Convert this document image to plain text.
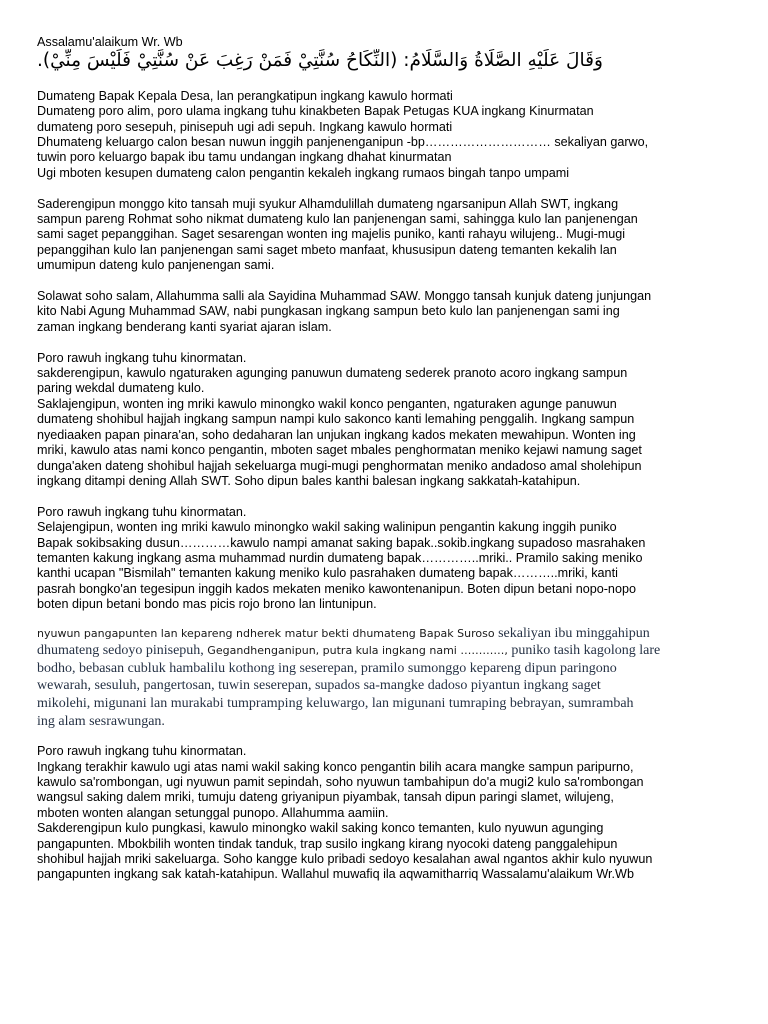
Assalamu'alaikum Wr. Wb
وَقَالَ عَلَيْهِ الصَّلَاةُ وَالسَّلَامُ: (النِّكَاحُ سُنَّتِيْ فَمَنْ رَغِبَ عَنْ سُنَّتِيْ فَلَيْسَ مِنِّيْ).
Dumateng Bapak Kepala Desa, lan perangkatipun ingkang kawulo hormati
Dumateng poro alim, poro ulama ingkang tuhu kinakbeten Bapak Petugas KUA ingkang Kinurmatan
dumateng poro sesepuh, pinisepuh ugi adi sepuh. Ingkang kawulo hormati
Dhumateng keluargo calon besan nuwun inggih panjenenganipun -bp………………………… sekaliyan garwo,
tuwin poro keluargo bapak ibu tamu undangan ingkang dhahat kinurmatan
Ugi mboten kesupen dumateng calon pengantin kekaleh ingkang rumaos bingah tanpo umpami
Saderengipun monggo kito tansah muji syukur Alhamdulillah dumateng ngarsanipun Allah SWT, ingkang
sampun pareng Rohmat soho nikmat dumateng kulo lan panjenengan sami, sahingga kulo lan panjenengan
sami saget pepanggihan. Saget sesarengan wonten ing majelis puniko, kanti rahayu wilujeng.. Mugi-mugi
pepanggihan kulo lan panjenengan sami saget mbeto manfaat, khususipun dateng temanten kekalih lan
umumipun dateng kulo panjenengan sami.
Solawat soho salam, Allahumma salli ala Sayidina Muhammad SAW. Monggo tansah kunjuk dateng junjungan
kito Nabi Agung Muhammad SAW, nabi pungkasan ingkang sampun beto kulo lan panjenengan sami ing
zaman ingkang benderang kanti syariat ajaran islam.
Poro rawuh ingkang tuhu kinormatan.
sakderengipun, kawulo ngaturaken agunging panuwun dumateng sederek pranoto acoro ingkang sampun
paring wekdal dumateng kulo.
Saklajengipun, wonten ing mriki kawulo minongko wakil konco penganten, ngaturaken agunge panuwun
dumateng shohibul hajjah ingkang sampun nampi kulo sakonco kanti lemahing penggalih. Ingkang sampun
nyediaaken papan pinara'an, soho dedaharan lan unjukan ingkang kados mekaten mewahipun. Wonten ing
mriki, kawulo atas nami konco pengantin, mboten saget mbales penghormatan meniko kejawi namung saget
dunga'aken dateng shohibul hajjah sekeluarga mugi-mugi penghormatan meniko andadoso amal sholehipun
ingkang ditampi dening Allah SWT. Soho dipun bales kanthi balesan ingkang sakkatah-katahipun.
Poro rawuh ingkang tuhu kinormatan.
Selajengipun, wonten ing mriki kawulo minongko wakil saking walinipun pengantin kakung inggih puniko
Bapak sokibsaking dusun…………kawulo nampi amanat saking bapak..sokib.ingkang supadoso masrahaken
temanten kakung ingkang asma muhammad nurdin dumateng bapak…………..mriki.. Pramilo saking meniko
kanthi ucapan "Bismilah" temanten kakung meniko kulo pasrahaken dumateng bapak………..mriki, kanti
pasrah bongko'an tegesipun inggih kados mekaten meniko kawontenanipun. Boten dipun betani nopo-nopo
boten dipun betani bondo mas picis rojo brono lan lintunipun.
nyuwun pangapunten lan kepareng ndherek matur bekti dhumateng Bapak Suroso sekaliyan ibu minggahipun
dhumateng sedoyo pinisepuh, Gegandhenganipun, putra kula ingkang nami …………, puniko tasih kagolong lare
bodho, bebasan cubluk hambalilu kothong ing seserepan, pramilo sumonggo kepareng dipun paringono
wewarah, sesuluh, pangertosan, tuwin seserepan, supados sa-mangke dadoso piyantun ingkang saget
mikolehi, migunani lan murakabi tumpramping keluwargo, lan migunani tumraping bebrayan, sumrambah
ing alam sesrawungan.
Poro rawuh ingkang tuhu kinormatan.
Ingkang terakhir kawulo ugi atas nami wakil saking konco pengantin bilih acara mangke sampun paripurno,
kawulo sa'rombongan, ugi nyuwun pamit sepindah, soho nyuwun tambahipun do'a mugi2 kulo sa'rombongan
wangsul saking dalem mriki, tumuju dateng griyanipun piyambak, tansah dipun paringi slamet, wilujeng,
mboten wonten alangan setunggal punopo. Allahumma aamiin.
Sakderengipun kulo pungkasi, kawulo minongko wakil saking konco temanten, kulo nyuwun agunging
pangapunten. Mbokbilih wonten tindak tanduk, trap susilo ingkang kirang nyocoki dateng panggalehipun
shohibul hajjah mriki sakeluarga. Soho kangge kulo pribadi sedoyo kesalahan awal ngantos akhir kulo nyuwun
pangapunten ingkang sak katah-katahipun. Wallahul muwafiq ila aqwamitharriq Wassalamu'alaikum Wr.Wb
